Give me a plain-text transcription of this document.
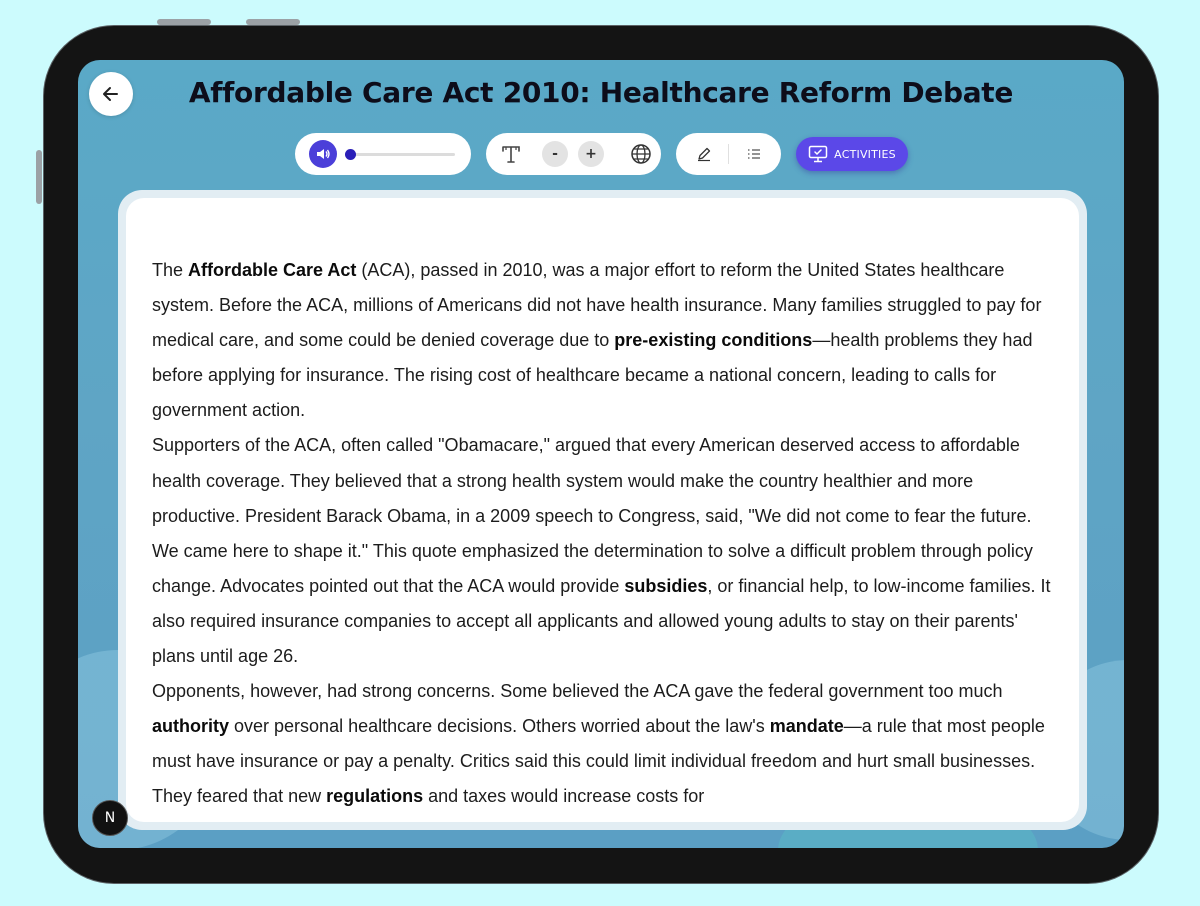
Affordable Care Act 2010: Healthcare Reform Debate
-	+	ACTIVITIES

The Affordable Care Act (ACA), passed in 2010, was a major effort to reform the United States healthcare system. Before the ACA, millions of Americans did not have health insurance. Many families struggled to pay for medical care, and some could be denied coverage due to pre-existing conditions—health problems they had before applying for insurance. The rising cost of healthcare became a national concern, leading to calls for government action.

Supporters of the ACA, often called "Obamacare," argued that every American deserved access to affordable health coverage. They believed that a strong health system would make the country healthier and more productive. President Barack Obama, in a 2009 speech to Congress, said, "We did not come to fear the future. We came here to shape it." This quote emphasized the determination to solve a difficult problem through policy change. Advocates pointed out that the ACA would provide subsidies, or financial help, to low-income families. It also required insurance companies to accept all applicants and allowed young adults to stay on their parents' plans until age 26.

Opponents, however, had strong concerns. Some believed the ACA gave the federal government too much authority over personal healthcare decisions. Others worried about the law's mandate—a rule that most people must have insurance or pay a penalty. Critics said this could limit individual freedom and hurt small businesses. They feared that new regulations and taxes would increase costs for

N
